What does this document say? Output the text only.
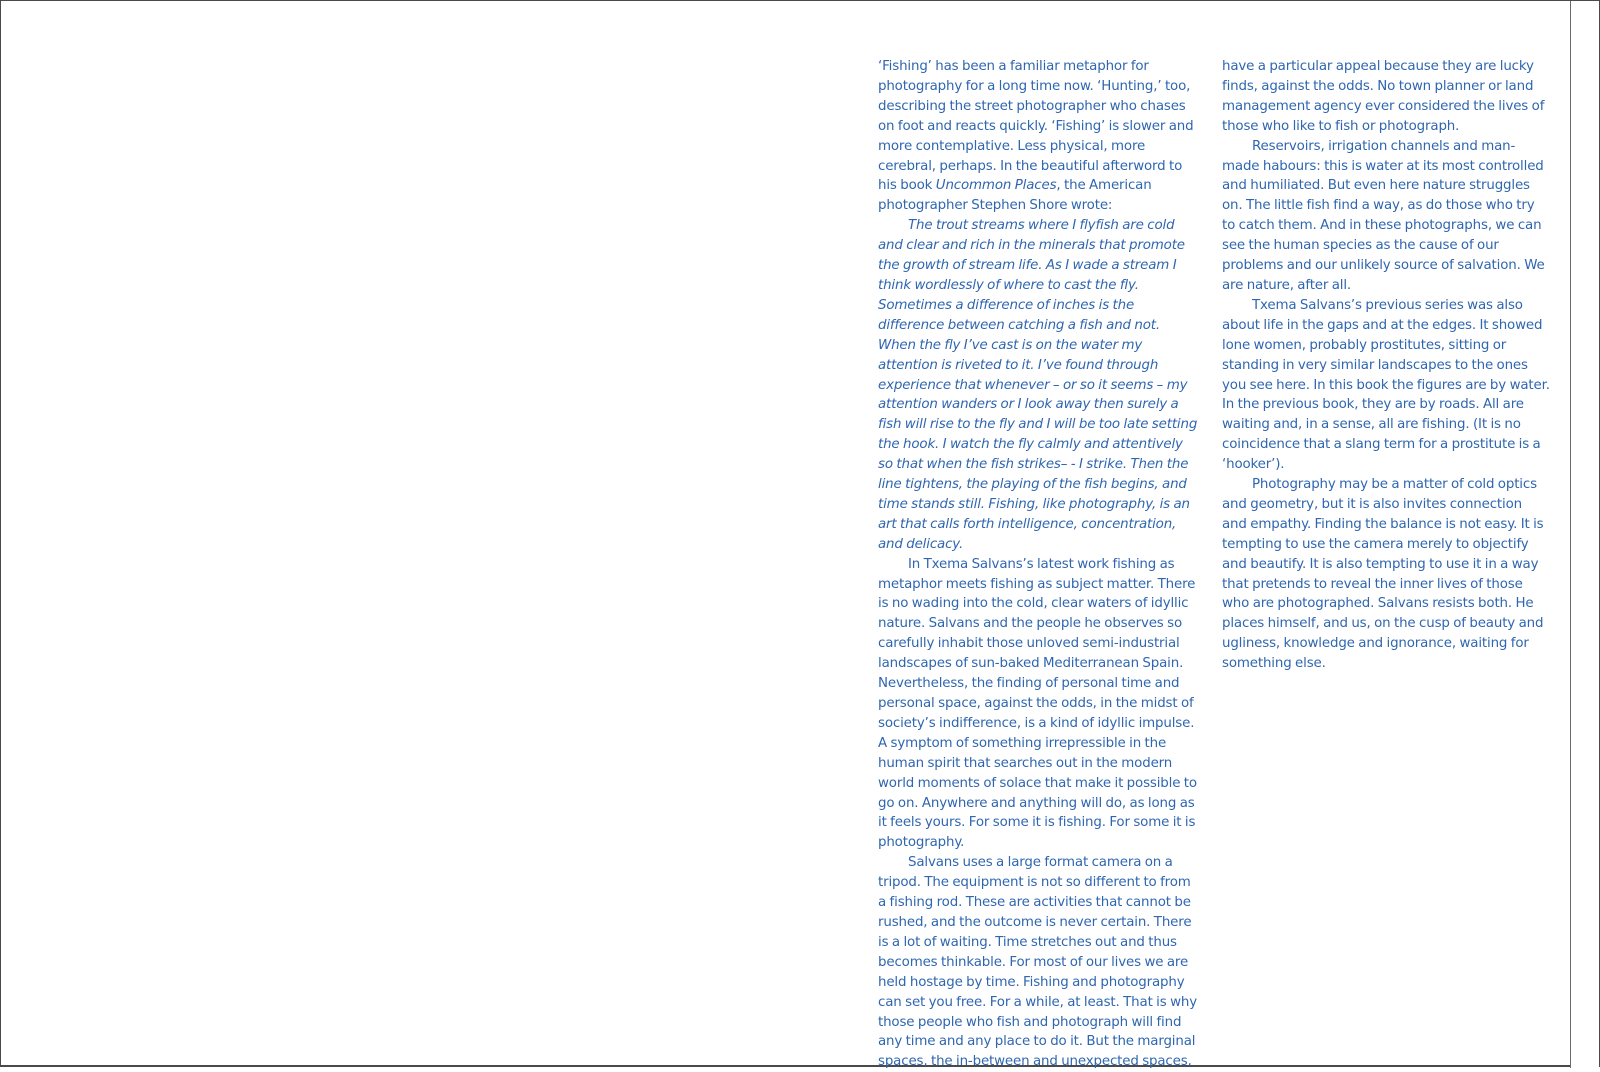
‘Fishing’ has been a familiar metaphor for photography for a long time now. ‘Hunting,’ too, describing the street photographer who chases on foot and reacts quickly. ‘Fishing’ is slower and more contemplative. Less physical, more cerebral, perhaps. In the beautiful afterword to his book Uncommon Places, the American photographer Stephen Shore wrote:

The trout streams where I flyfish are cold and clear and rich in the minerals that promote the growth of stream life. As I wade a stream I think wordlessly of where to cast the fly. Sometimes a difference of inches is the difference between catching a fish and not. When the fly I’ve cast is on the water my attention is riveted to it. I’ve found through experience that whenever – or so it seems – my attention wanders or I look away then surely a fish will rise to the fly and I will be too late setting the hook. I watch the fly calmly and attentively so that when the fish strikes– - I strike. Then the line tightens, the playing of the fish begins, and time stands still. Fishing, like photography, is an art that calls forth intelligence, concentration, and delicacy.

In Txema Salvans’s latest work fishing as metaphor meets fishing as subject matter. There is no wading into the cold, clear waters of idyllic nature. Salvans and the people he observes so carefully inhabit those unloved semi-industrial landscapes of sun-baked Mediterranean Spain. Nevertheless, the finding of personal time and personal space, against the odds, in the midst of society’s indifference, is a kind of idyllic impulse. A symptom of something irrepressible in the human spirit that searches out in the modern world moments of solace that make it possible to go on. Anywhere and anything will do, as long as it feels yours. For some it is fishing. For some it is photography.

Salvans uses a large format camera on a tripod. The equipment is not so different to from a fishing rod. These are activities that cannot be rushed, and the outcome is never certain. There is a lot of waiting. Time stretches out and thus becomes thinkable. For most of our lives we are held hostage by time. Fishing and photography can set you free. For a while, at least. That is why those people who fish and photograph will find any time and any place to do it. But the marginal spaces, the in-between and unexpected spaces,

have a particular appeal because they are lucky finds, against the odds. No town planner or land management agency ever considered the lives of those who like to fish or photograph.

Reservoirs, irrigation channels and man-made habours: this is water at its most controlled and humiliated. But even here nature struggles on. The little fish find a way, as do those who try to catch them. And in these photographs, we can see the human species as the cause of our problems and our unlikely source of salvation. We are nature, after all.

Txema Salvans’s previous series was also about life in the gaps and at the edges. It showed lone women, probably prostitutes, sitting or standing in very similar landscapes to the ones you see here. In this book the figures are by water. In the previous book, they are by roads. All are waiting and, in a sense, all are fishing. (It is no coincidence that a slang term for a prostitute is a ‘hooker’).

Photography may be a matter of cold optics and geometry, but it is also invites connection and empathy. Finding the balance is not easy. It is tempting to use the camera merely to objectify and beautify. It is also tempting to use it in a way that pretends to reveal the inner lives of those who are photographed. Salvans resists both. He places himself, and us, on the cusp of beauty and ugliness, knowledge and ignorance, waiting for something else.
